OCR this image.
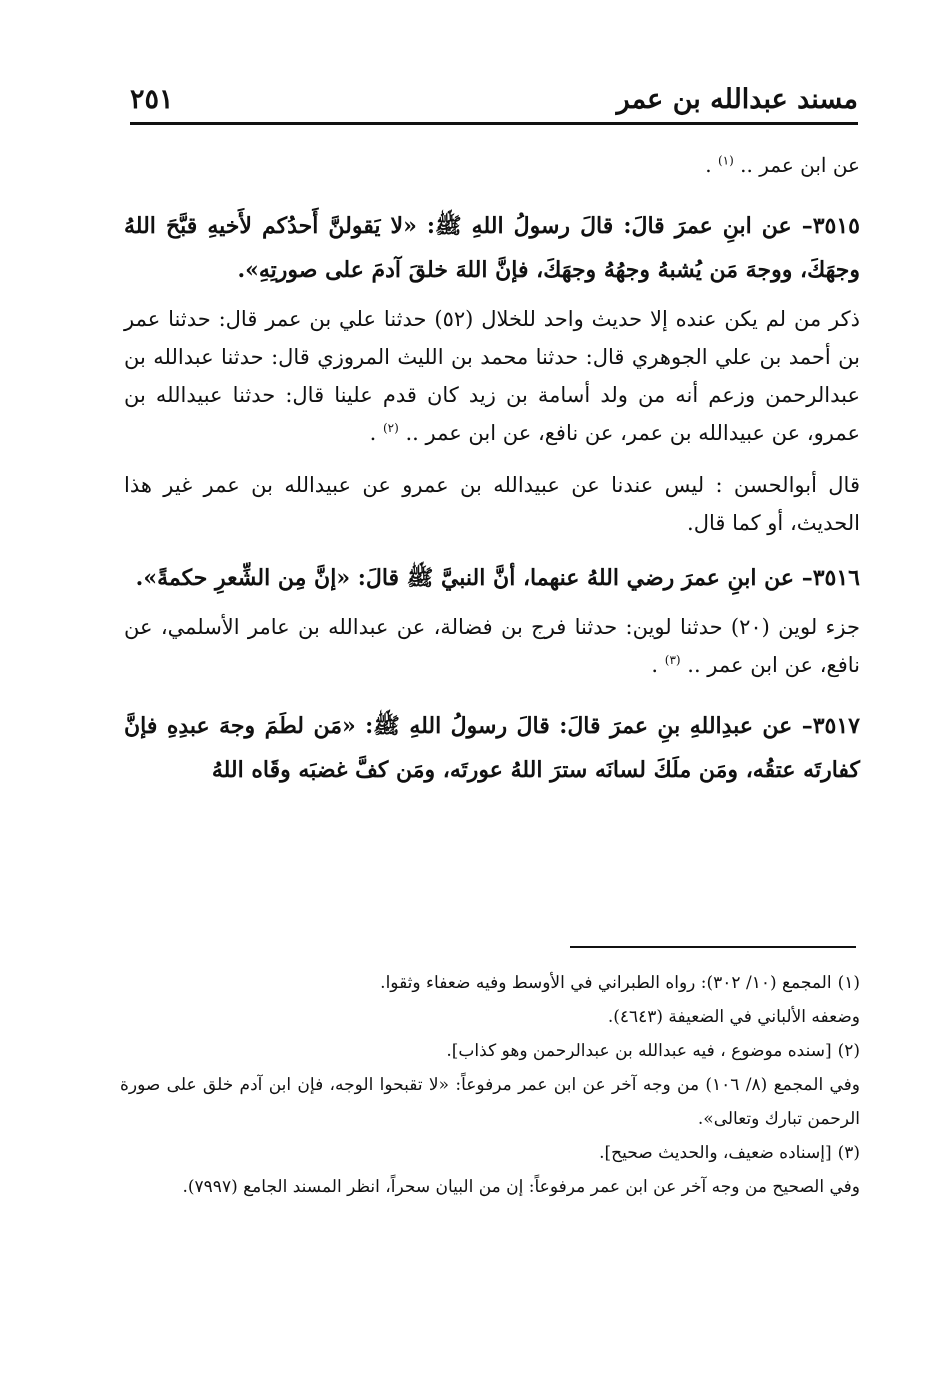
مسند عبدالله بن عمر
٢٥١

عن ابن عمر .. $^{(١)}$ .

٣٥١٥– عن ابنِ عمرَ قالَ: قالَ رسولُ اللهِ ﷺ: «لا يَقولنَّ أَحدُكم لأَخيهِ قبَّحَ اللهُ وجهَكَ، ووجهَ مَن يُشبهُ وجهُهُ وجهَكَ، فإنَّ اللهَ خلقَ آدمَ على صورتِهِ».

ذكر من لم يكن عنده إلا حديث واحد للخلال (٥٢) حدثنا علي بن عمر قال: حدثنا عمر بن أحمد بن علي الجوهري قال: حدثنا محمد بن الليث المروزي قال: حدثنا عبدالله بن عبدالرحمن وزعم أنه من ولد أسامة بن زيد كان قدم علينا قال: حدثنا عبيدالله بن عمرو، عن عبيدالله بن عمر، عن نافع، عن ابن عمر .. $^{(٢)}$ .

قال أبوالحسن : ليس عندنا عن عبيدالله بن عمرو عن عبيدالله بن عمر غير هذا الحديث، أو كما قال.

٣٥١٦– عن ابنِ عمرَ رضي اللهُ عنهما، أنَّ النبيَّ ﷺ قالَ: «إنَّ مِن الشِّعرِ حكمةً».

جزء لوين (٢٠) حدثنا لوين: حدثنا فرج بن فضالة، عن عبدالله بن عامر الأسلمي، عن نافع، عن ابن عمر .. $^{(٣)}$ .

٣٥١٧– عن عبدِاللهِ بنِ عمرَ قالَ: قالَ رسولُ اللهِ ﷺ: «مَن لطَمَ وجهَ عبدِهِ فإنَّ كفارتَه عتقُه، ومَن ملَكَ لسانَه سترَ اللهُ عورتَه، ومَن كفَّ غضبَه وقَاه اللهُ

(١)المجمع (١٠/ ٣٠٢): رواه الطبراني في الأوسط وفيه ضعفاء وثقوا.

وضعفه الألباني في الضعيفة (٤٦٤٣).

(٢)[سنده موضوع ، فيه عبدالله بن عبدالرحمن وهو كذاب].

وفي المجمع (٨/ ١٠٦) من وجه آخر عن ابن عمر مرفوعاً: «لا تقبحوا الوجه، فإن ابن آدم خلق على صورة الرحمن تبارك وتعالى».

(٣)[إسناده ضعيف، والحديث صحيح].

وفي الصحيح من وجه آخر عن ابن عمر مرفوعاً: إن من البيان سحراً، انظر المسند الجامع (٧٩٩٧).
